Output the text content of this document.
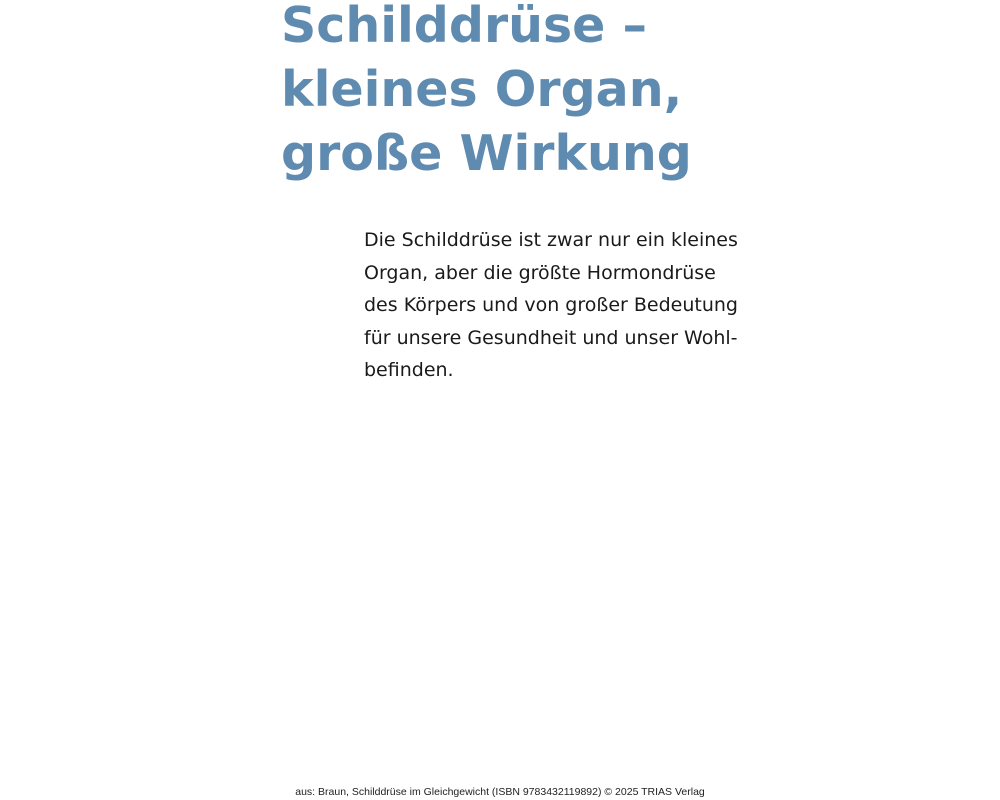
Schilddrüse –
kleines Organ,
große Wirkung

Die Schilddrüse ist zwar nur ein kleines
Organ, aber die größte Hormondrüse
des Körpers und von großer Bedeutung
für unsere Gesundheit und unser Wohl-
befinden.

aus: Braun, Schilddrüse im Gleichgewicht (ISBN 9783432119892) © 2025 TRIAS Verlag
